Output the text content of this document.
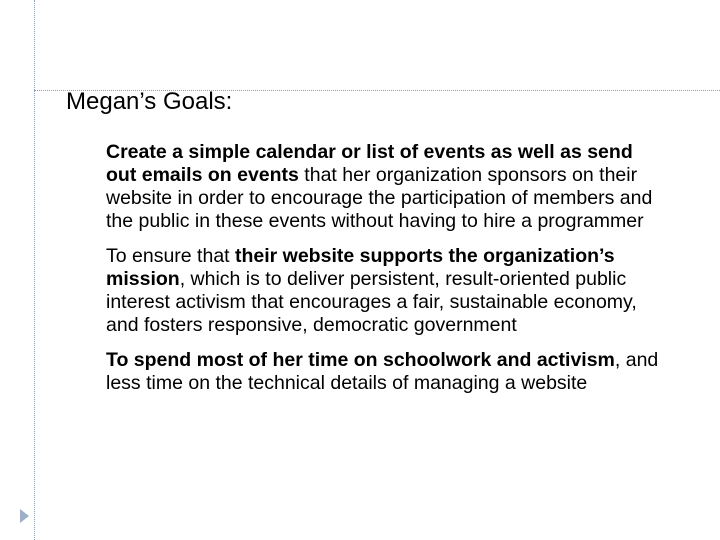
Megan’s Goals:
Create a simple calendar or list of events as well as send out emails on events that her organization sponsors on their website in order to encourage the participation of members and the public in these events without having to hire a programmer
To ensure that their website supports the organization’s mission, which is to deliver persistent, result-oriented public interest activism that encourages a fair, sustainable economy, and fosters responsive, democratic government
To spend most of her time on schoolwork and activism, and less time on the technical details of managing a website
